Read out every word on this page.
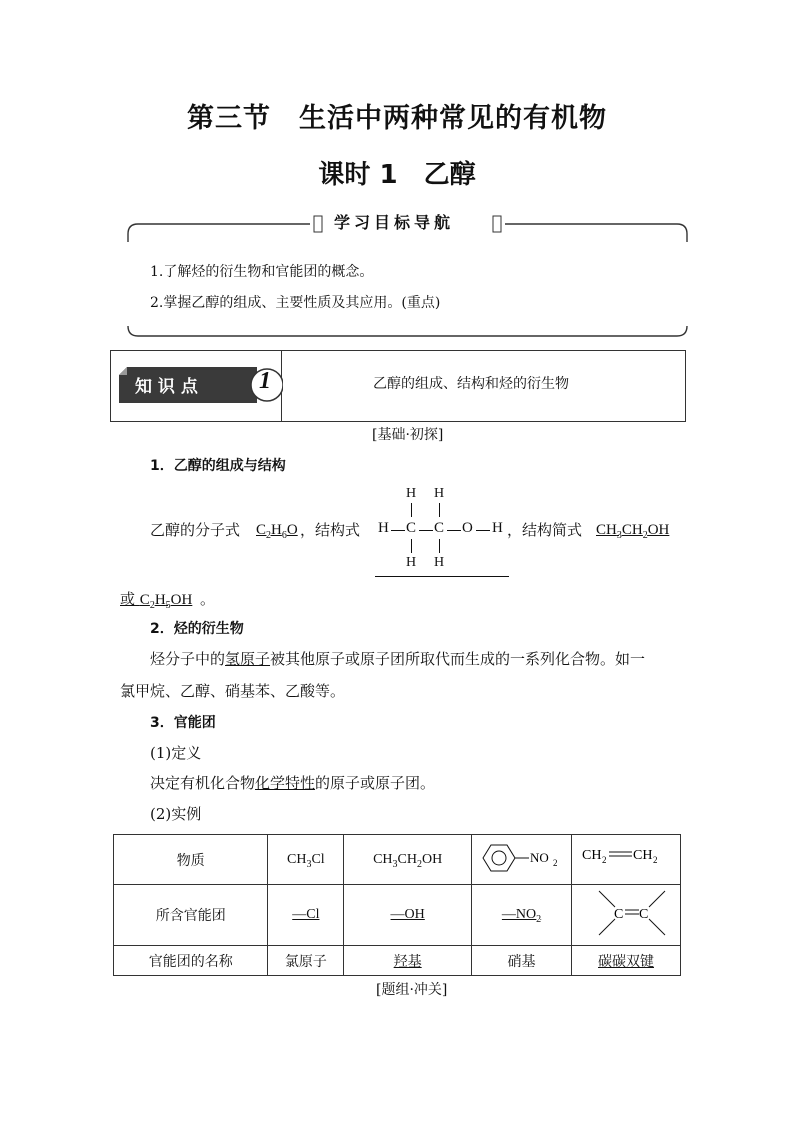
第三节　生活中两种常见的有机物
课时 1　乙醇
学习目标导航
1.了解烃的衍生物和官能团的概念。
2.掌握乙醇的组成、主要性质及其应用。(重点)
知 识 点	1	乙醇的组成、结构和烃的衍生物
[基础·初探]
1．乙醇的组成与结构
乙醇的分子式 $C_2H_6O$ ，结构式
H H
H C C O H
H H
，结构简式 $CH_3CH_2OH$
或 $C_2H_5OH$ 。
2．烃的衍生物
烃分子中的氢原子被其他原子或原子团所取代而生成的一系列化合物。如一
氯甲烷、乙醇、硝基苯、乙酸等。
3．官能团
(1)定义
决定有机化合物化学特性的原子或原子团。
(2)实例
物质	$CH_3Cl$	$CH_3CH_2OH$	NO 2	CH 2 CH 2

所含官能团	—Cl	—OH	$—NO_2$	C C

官能团的名称	氯原子	羟基	硝基	碳碳双键
[题组·冲关]
